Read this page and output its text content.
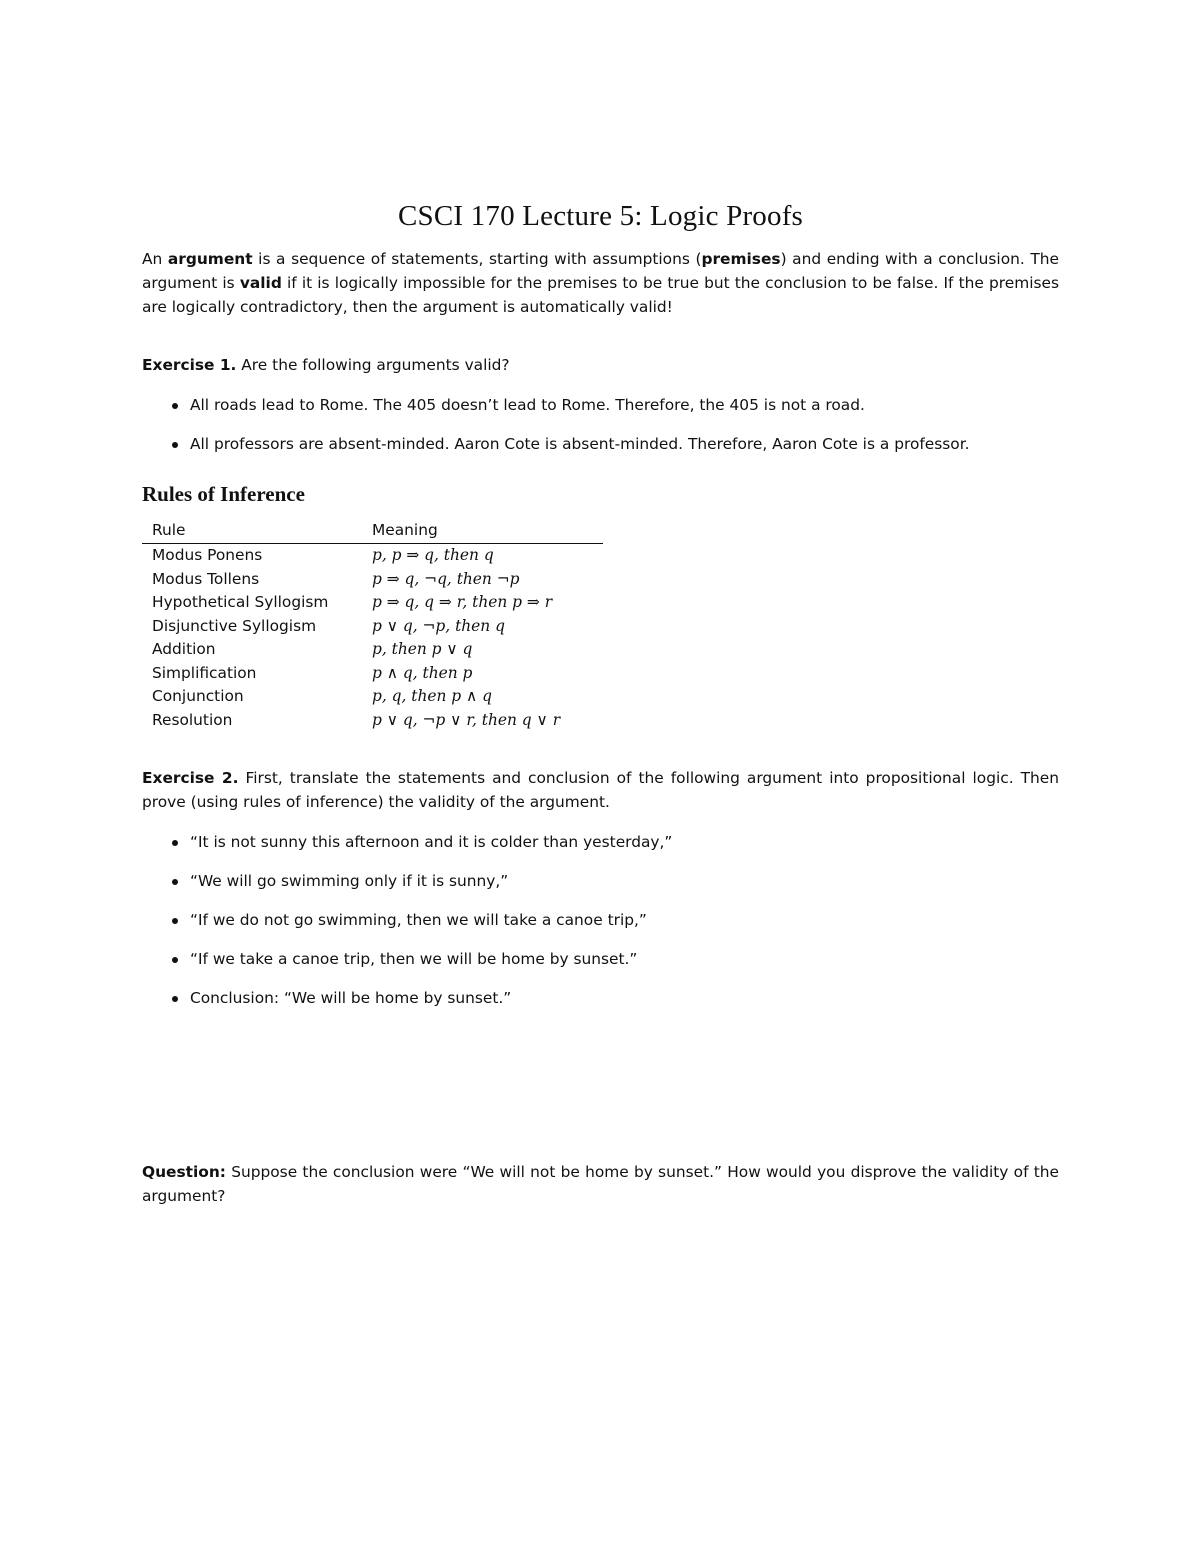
CSCI 170 Lecture 5: Logic Proofs

An argument is a sequence of statements, starting with assumptions (premises) and ending with a conclusion. The argument is valid if it is logically impossible for the premises to be true but the conclusion to be false. If the premises are logically contradictory, then the argument is automatically valid!

Exercise 1. Are the following arguments valid?

All roads lead to Rome. The 405 doesn’t lead to Rome. Therefore, the 405 is not a road.
All professors are absent-minded. Aaron Cote is absent-minded. Therefore, Aaron Cote is a professor.
Rules of Inference
Rule	Meaning
Modus Ponens	p, p ⇒ q, then q
Modus Tollens	p ⇒ q, ¬q, then ¬p
Hypothetical Syllogism	p ⇒ q, q ⇒ r, then p ⇒ r
Disjunctive Syllogism	p ∨ q, ¬p, then q
Addition	p, then p ∨ q
Simplification	p ∧ q, then p
Conjunction	p, q, then p ∧ q
Resolution	p ∨ q, ¬p ∨ r, then q ∨ r

Exercise 2. First, translate the statements and conclusion of the following argument into propositional logic. Then prove (using rules of inference) the validity of the argument.

“It is not sunny this afternoon and it is colder than yesterday,”
“We will go swimming only if it is sunny,”
“If we do not go swimming, then we will take a canoe trip,”
“If we take a canoe trip, then we will be home by sunset.”
Conclusion: “We will be home by sunset.”

Question: Suppose the conclusion were “We will not be home by sunset.” How would you disprove the validity of the argument?
